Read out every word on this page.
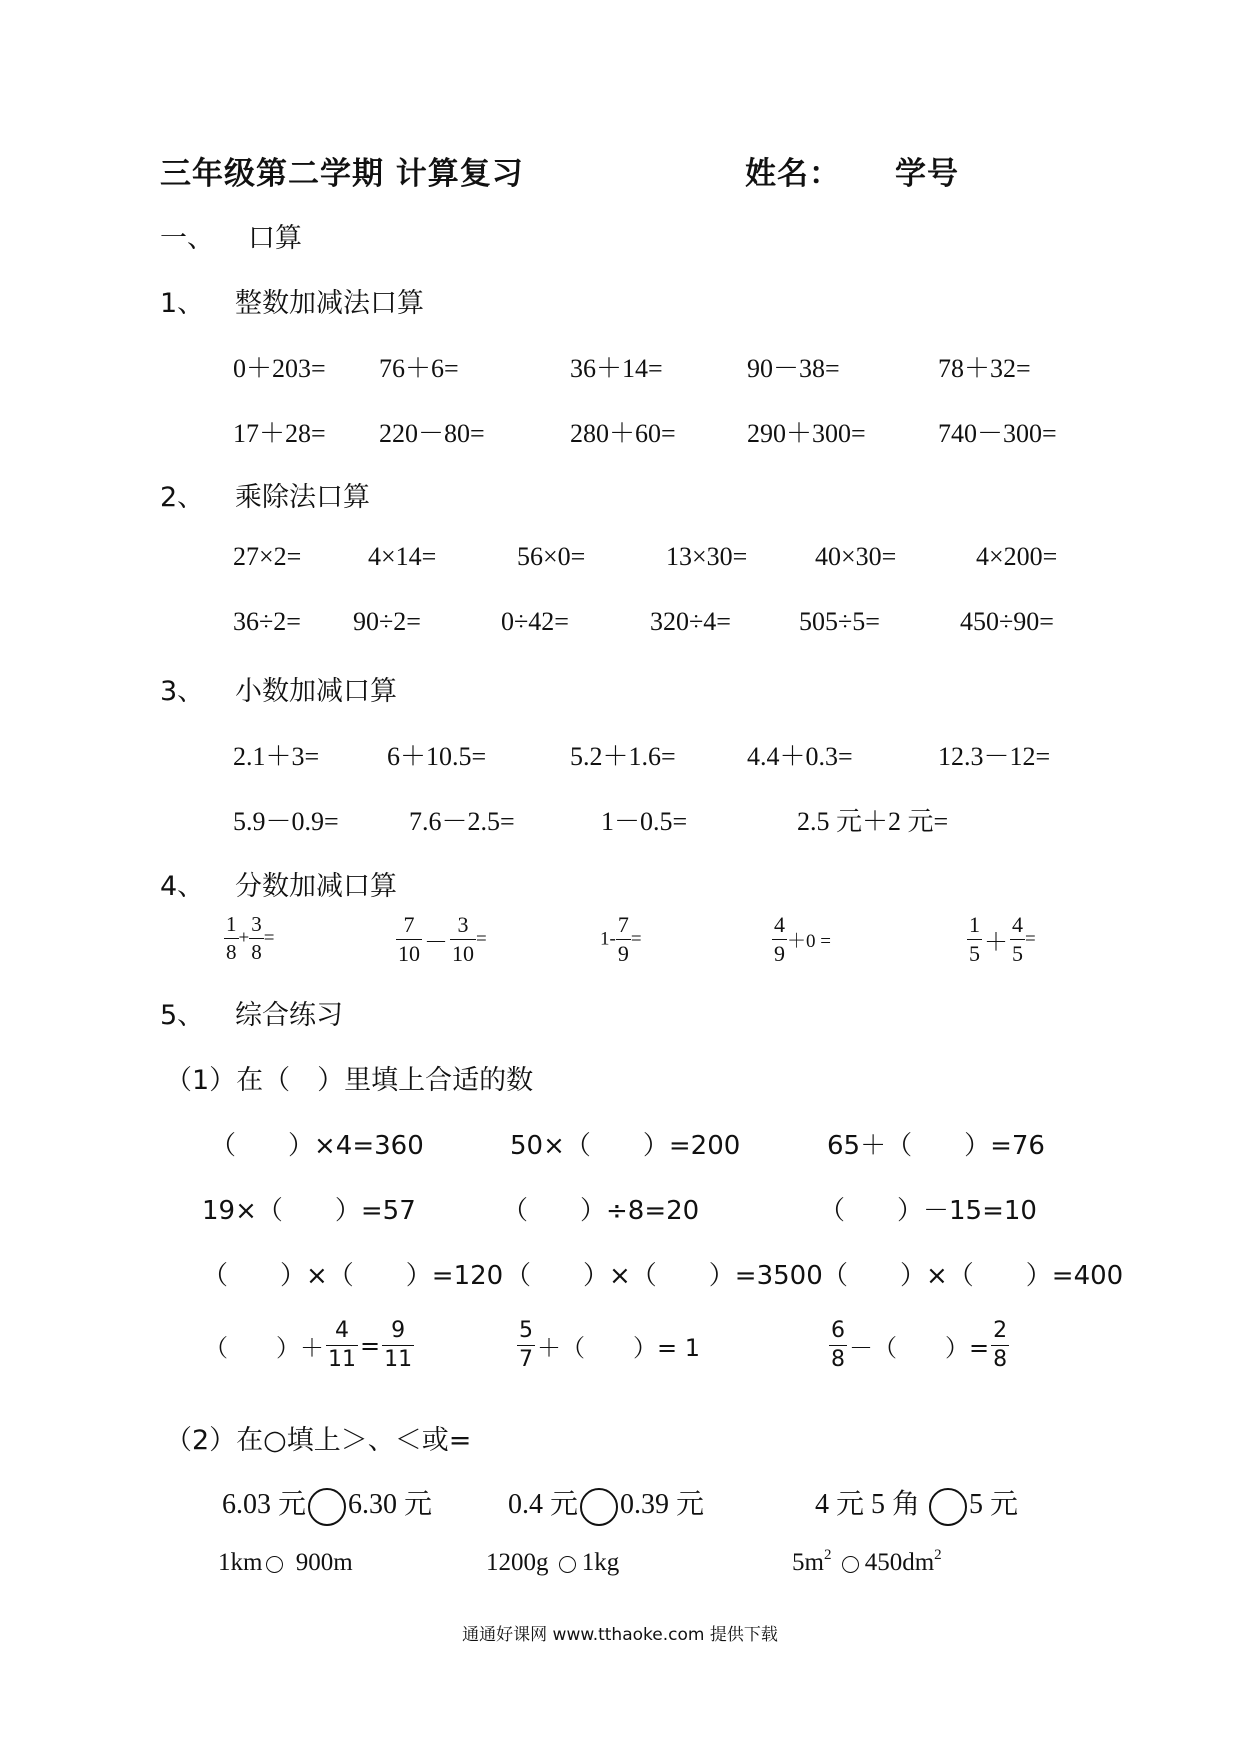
三年级第二学期 计算复习	姓名： 学号
一、 口算
1、 整数加减法口算
0＋203= 76＋6=	36＋14=	90－38=	78＋32=
17＋28= 220－80=	280＋60=	290＋300=	740－300=
2、 乘除法口算
27×2=	4×14=	56×0=	13×30=	40×30=	4×200=
36÷2= 90÷2=	0÷42=	320÷4=	505÷5=	450÷90=
3、 小数加减口算
2.1＋3=	6＋10.5=	5.2＋1.6=	4.4＋0.3=	12.3－12=
5.9－0.9=	7.6－2.5=	1－0.5=	2.5 元＋2 元=
4、 分数加减口算
$\frac{1}{8} + \frac{3}{8}$ =	$\frac{7}{10} - \frac{3}{10}$ =	$1- \frac{7}{9}$ =	$\frac{4}{9} +0$ =	$\frac{1}{5} + \frac{4}{5}$ =
5、 综合练习
（1）在（　）里填上合适的数
（　　）×4=360	50×（　　）=200	65＋（　　）=76
19×（　　）=57	（　　）÷8=20	（　　）－15=10
（　　）×（　　）=120 （　　）×（　　）=3500 （　　）×（　　）=400
（　　）＋ $\frac{4}{11} = \frac{9}{11}$	$\frac{5}{7}$ ＋（　　）= 1	$\frac{6}{8}$ －（　　）= $\frac{2}{8}$
（2）在○填上＞、＜或=
6.03 元 6.30 元	0.4 元 0.39 元	4 元 5 角 5 元
1km 900m	1200g 1kg	$5m^2$ $450dm^2$
通通好课网 www.tthaoke.com 提供下载
